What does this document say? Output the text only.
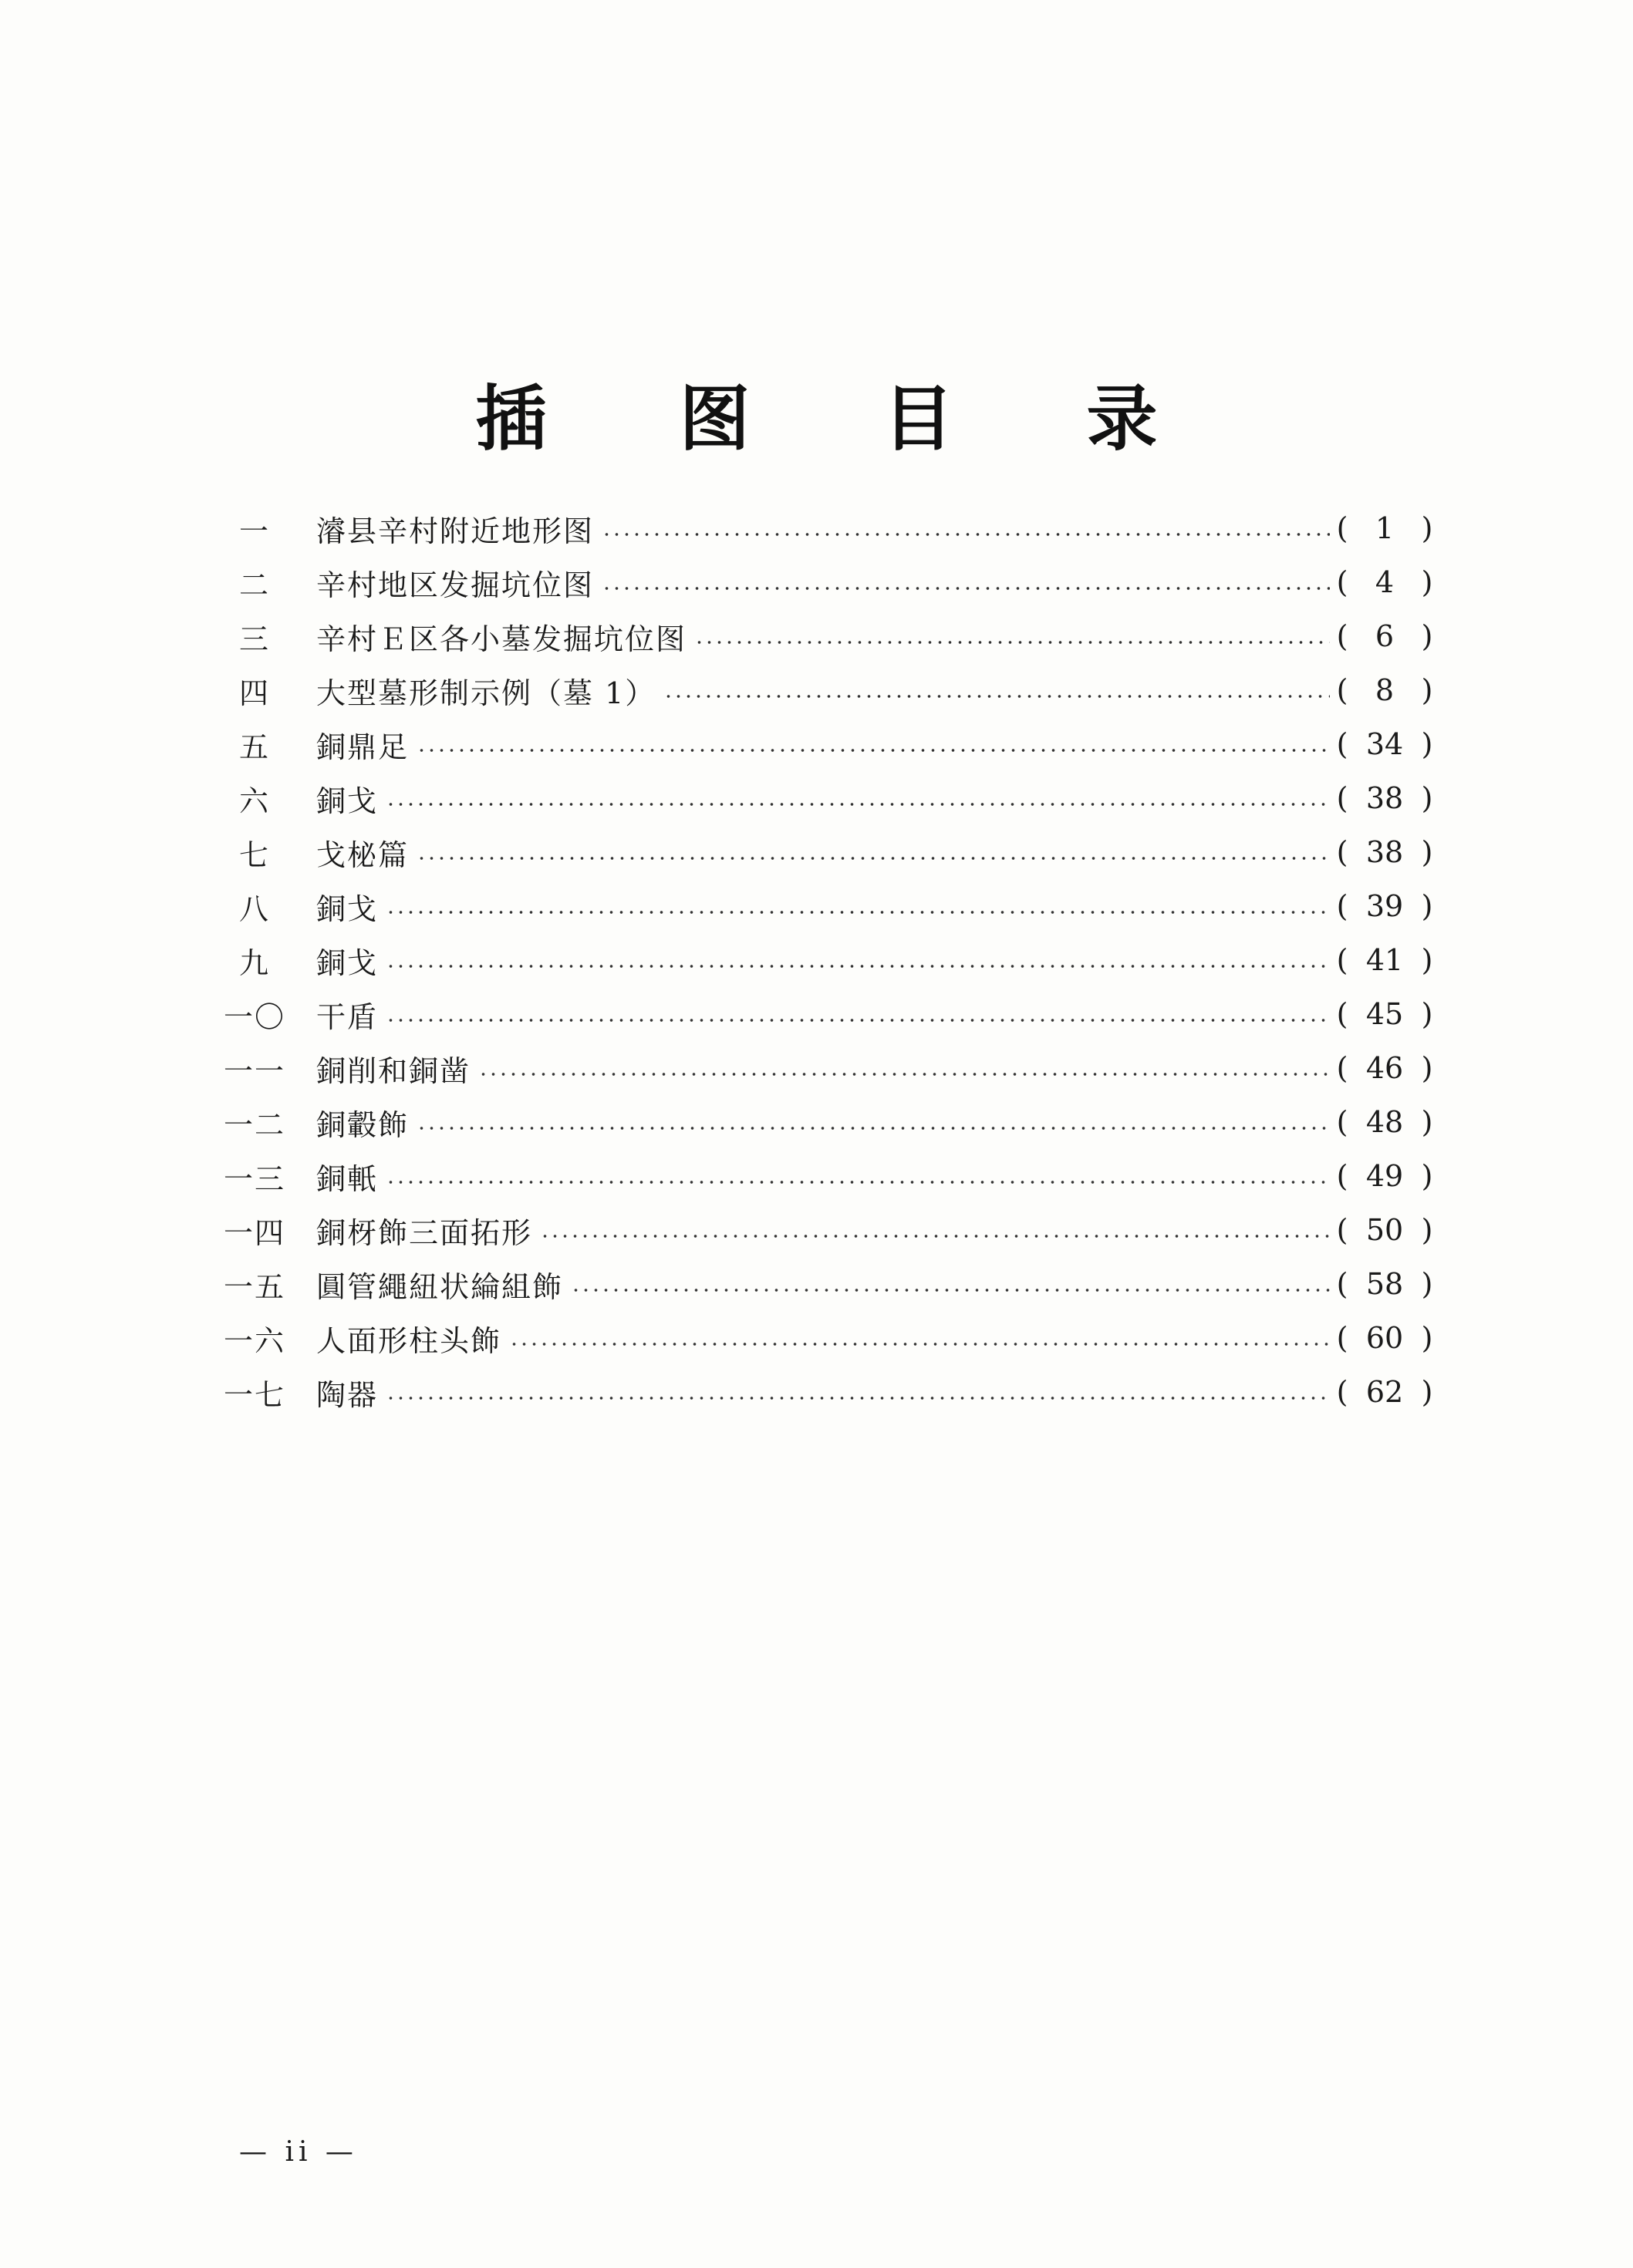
插 图 目 录
一	濬县辛村附近地形图	( 1 )
二	辛村地区发掘坑位图	( 4 )
三	辛村Ｅ区各小墓发掘坑位图	( 6 )
四	大型墓形制示例（墓 1）	( 8 )
五	銅鼎足	( 34 )
六	銅戈	( 38 )
七	戈柲篇	( 38 )
八	銅戈	( 39 )
九	銅戈	( 41 )
一〇	干盾	( 45 )
一一	銅削和銅凿	( 46 )
一二	銅轂飾	( 48 )
一三	銅軝	( 49 )
一四	銅枒飾三面拓形	( 50 )
一五	圓管繩紐状綸組飾	( 58 )
一六	人面形柱头飾	( 60 )
一七	陶器	( 62 )
— ii —
